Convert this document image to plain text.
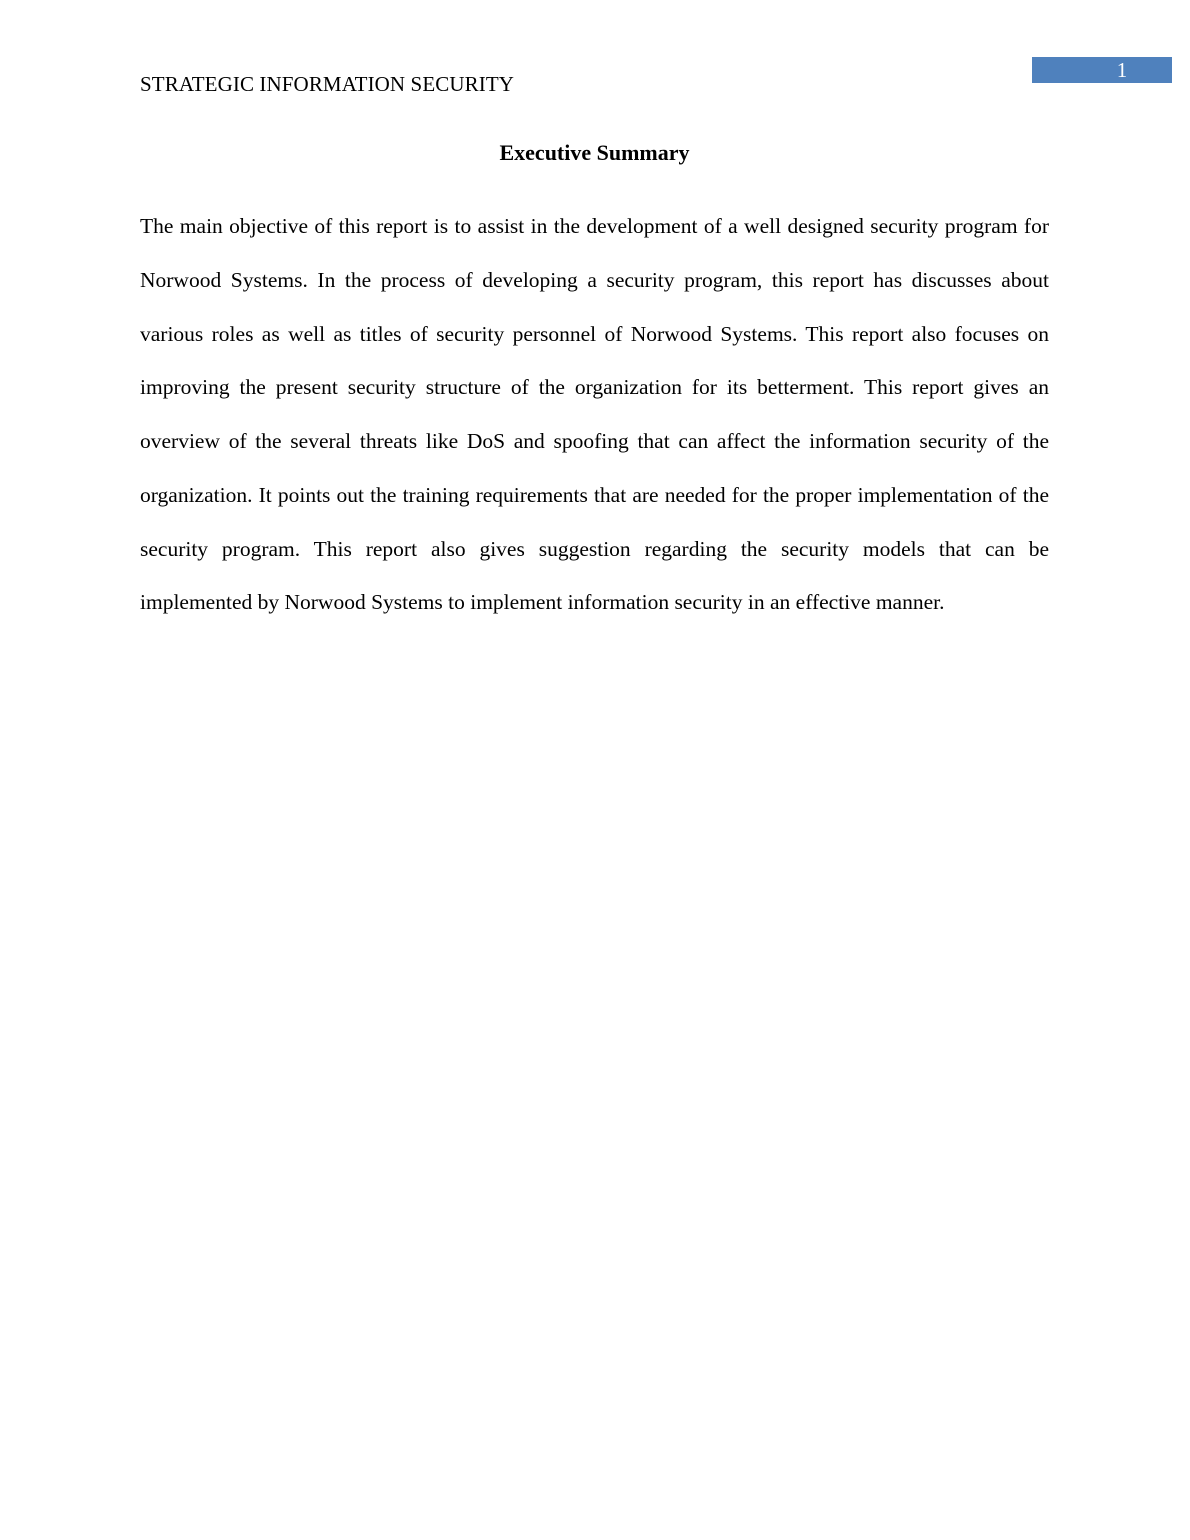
STRATEGIC INFORMATION SECURITY
1
Executive Summary

The main objective of this report is to assist in the development of a well designed security program for Norwood Systems. In the process of developing a security program, this report has discusses about various roles as well as titles of security personnel of Norwood Systems. This report also focuses on improving the present security structure of the organization for its betterment. This report gives an overview of the several threats like DoS and spoofing that can affect the information security of the organization. It points out the training requirements that are needed for the proper implementation of the security program. This report also gives suggestion regarding the security models that can be implemented by Norwood Systems to implement information security in an effective manner.
